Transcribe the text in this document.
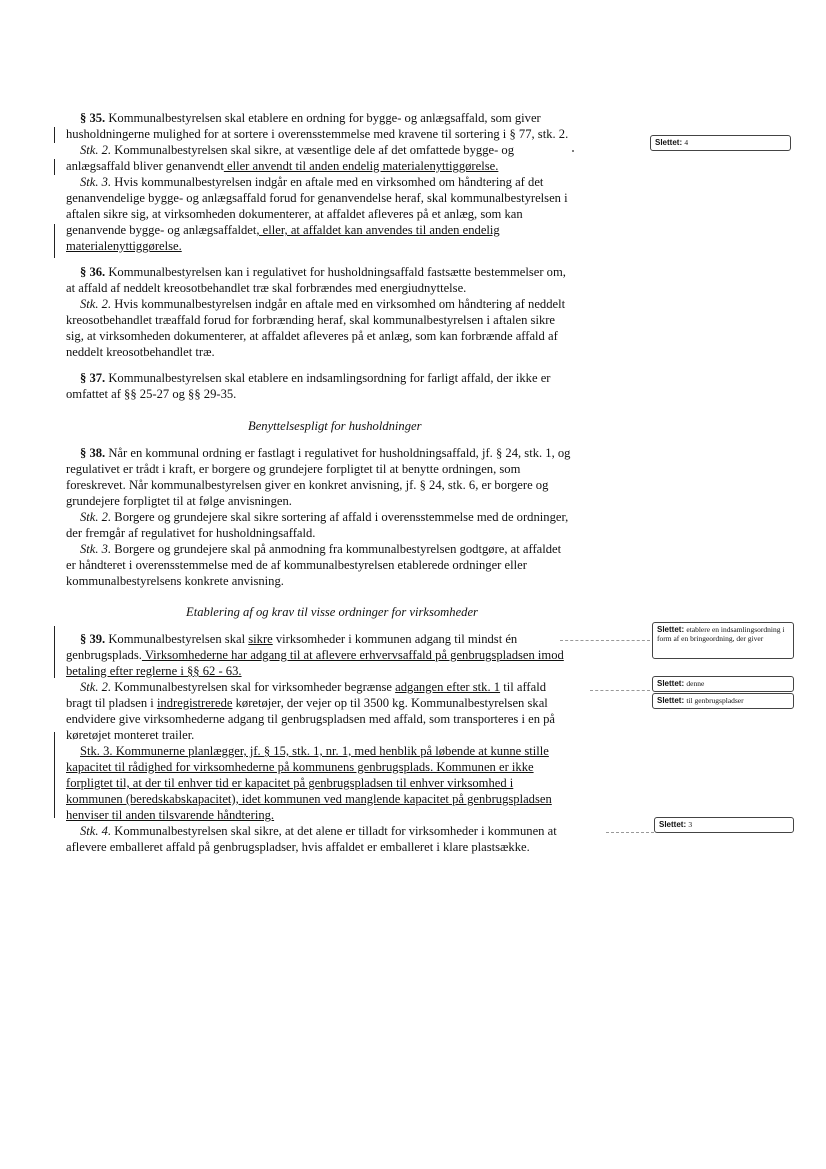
§ 35. Kommunalbestyrelsen skal etablere en ordning for bygge- og anlægsaffald, som giver
husholdningerne mulighed for at sortere i overensstemmelse med kravene til sortering i § 77, stk. 2.
Stk. 2. Kommunalbestyrelsen skal sikre, at væsentlige dele af det omfattede bygge- og
anlægsaffald bliver genanvendt eller anvendt til anden endelig materialenyttiggørelse.
Stk. 3. Hvis kommunalbestyrelsen indgår en aftale med en virksomhed om håndtering af det
genanvendelige bygge- og anlægsaffald forud for genanvendelse heraf, skal kommunalbestyrelsen i
aftalen sikre sig, at virksomheden dokumenterer, at affaldet afleveres på et anlæg, som kan
genanvende bygge- og anlægsaffaldet, eller, at affaldet kan anvendes til anden endelig
materialenyttiggørelse.
§ 36. Kommunalbestyrelsen kan i regulativet for husholdningsaffald fastsætte bestemmelser om,
at affald af neddelt kreosotbehandlet træ skal forbrændes med energiudnyttelse.
Stk. 2. Hvis kommunalbestyrelsen indgår en aftale med en virksomhed om håndtering af neddelt
kreosotbehandlet træaffald forud for forbrænding heraf, skal kommunalbestyrelsen i aftalen sikre
sig, at virksomheden dokumenterer, at affaldet afleveres på et anlæg, som kan forbrænde affald af
neddelt kreosotbehandlet træ.
§ 37. Kommunalbestyrelsen skal etablere en indsamlingsordning for farligt affald, der ikke er
omfattet af §§ 25-27 og §§ 29-35.
Benyttelsespligt for husholdninger
§ 38. Når en kommunal ordning er fastlagt i regulativet for husholdningsaffald, jf. § 24, stk. 1, og
regulativet er trådt i kraft, er borgere og grundejere forpligtet til at benytte ordningen, som
foreskrevet. Når kommunalbestyrelsen giver en konkret anvisning, jf. § 24, stk. 6, er borgere og
grundejere forpligtet til at følge anvisningen.
Stk. 2. Borgere og grundejere skal sikre sortering af affald i overensstemmelse med de ordninger,
der fremgår af regulativet for husholdningsaffald.
Stk. 3. Borgere og grundejere skal på anmodning fra kommunalbestyrelsen godtgøre, at affaldet
er håndteret i overensstemmelse med de af kommunalbestyrelsen etablerede ordninger eller
kommunalbestyrelsens konkrete anvisning.
Etablering af og krav til visse ordninger for virksomheder
§ 39. Kommunalbestyrelsen skal sikre virksomheder i kommunen adgang til mindst én
genbrugsplads. Virksomhederne har adgang til at aflevere erhvervsaffald på genbrugspladsen imod
betaling efter reglerne i §§ 62 - 63.
Stk. 2. Kommunalbestyrelsen skal for virksomheder begrænse adgangen efter stk. 1 til affald
bragt til pladsen i indregistrerede køretøjer, der vejer op til 3500 kg. Kommunalbestyrelsen skal
endvidere give virksomhederne adgang til genbrugspladsen med affald, som transporteres i en på
køretøjet monteret trailer.
Stk. 3. Kommunerne planlægger, jf. § 15, stk. 1, nr. 1, med henblik på løbende at kunne stille
kapacitet til rådighed for virksomhederne på kommunens genbrugsplads. Kommunen er ikke
forpligtet til, at der til enhver tid er kapacitet på genbrugspladsen til enhver virksomhed i
kommunen (beredskabskapacitet), idet kommunen ved manglende kapacitet på genbrugspladsen
henviser til anden tilsvarende håndtering.
Stk. 4. Kommunalbestyrelsen skal sikre, at det alene er tilladt for virksomheder i kommunen at
aflevere emballeret affald på genbrugspladser, hvis affaldet er emballeret i klare plastsække.
Slettet: 4
Slettet: etablere en indsamlingsordning i form af en bringeordning, der giver
Slettet: denne
Slettet: til genbrugspladser
Slettet: 3
